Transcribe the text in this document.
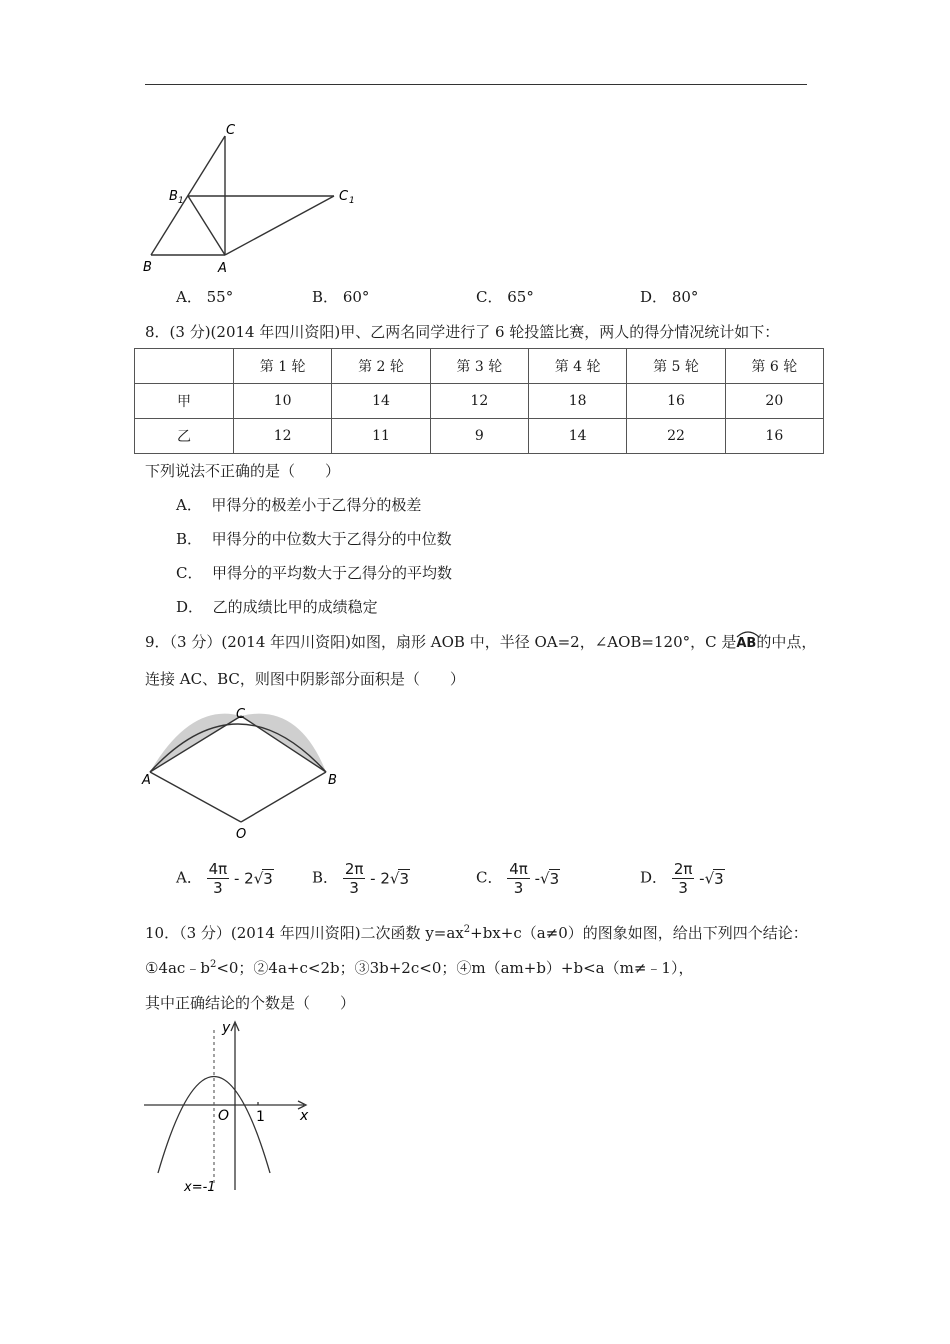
C
B 1	C 1
B	A
A． 55°	B． 60°	C． 65°	D． 80°
8．(3 分)(2014 年四川资阳)甲、乙两名同学进行了 6 轮投篮比赛，两人的得分情况统计如下：
	第 1 轮	第 2 轮	第 3 轮	第 4 轮	第 5 轮	第 6 轮
甲	10	14	12	18	16	20
乙	12	11	9	14	22	16
下列说法不正确的是（　　）
A． 甲得分的极差小于乙得分的极差
B． 甲得分的中位数大于乙得分的中位数
C． 甲得分的平均数大于乙得分的平均数
D． 乙的成绩比甲的成绩稳定
9．（3 分）(2014 年四川资阳)如图，扇形 AOB 中，半径 OA=2，∠AOB=120°，C 是
AB的中点，
连接 AC、BC，则图中阴影部分面积是（　　）
C
A	B
O
A． $\frac{4\pi}{3} - 2√3$	B． $\frac{2\pi}{3} - 2√3$	C． $\frac{4\pi}{3} -√3$	D． $\frac{2\pi}{3} -√3$
10．（3 分）(2014 年四川资阳)二次函数 $y=ax^2+bx+c(a\ne 0)$的图象如图，给出下列四个结论：
$①4ac﹣b^2<0$；②4a+c<2b；③3b+2c<0；④m（am+b）+b<a（m≠﹣1），
其中正确结论的个数是（　　）
y
x
O 1
x=-1
